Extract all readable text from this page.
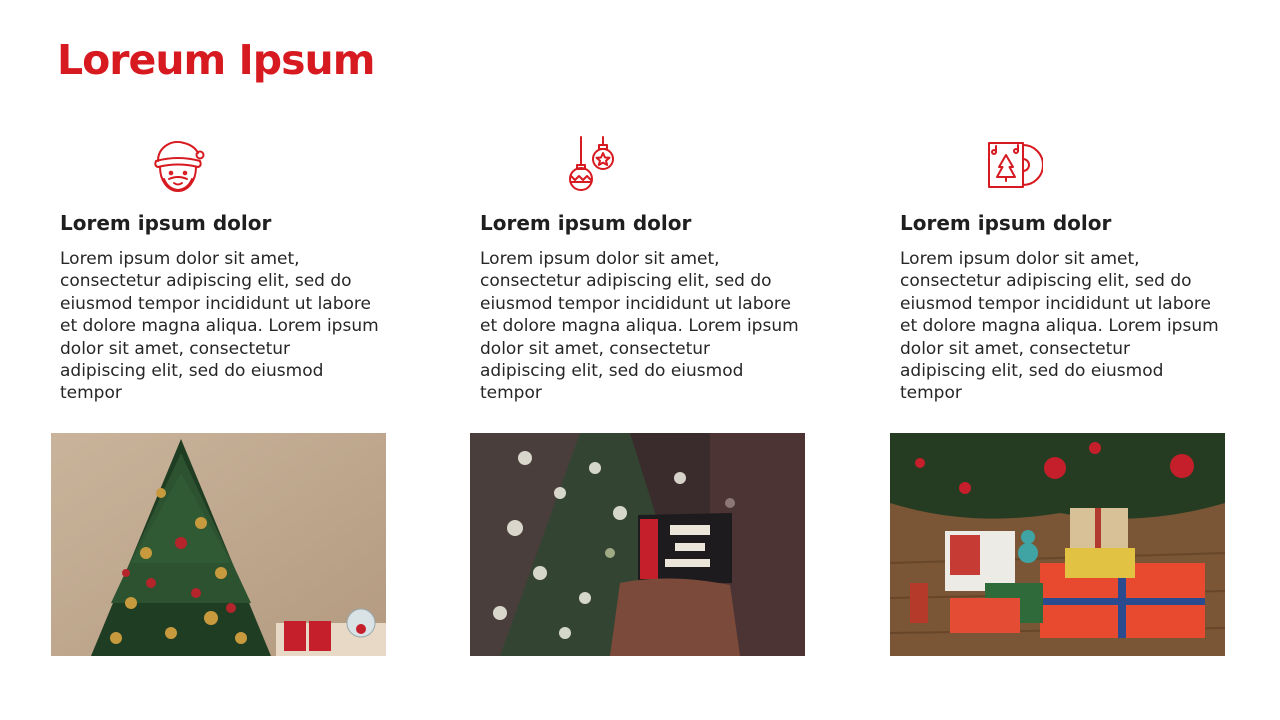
Loreum Ipsum
Lorem ipsum dolor

Lorem ipsum dolor sit amet, consectetur adipiscing elit, sed do eiusmod tempor incididunt ut labore et dolore magna aliqua. Lorem ipsum dolor sit amet, consectetur adipiscing elit, sed do eiusmod tempor

Lorem ipsum dolor

Lorem ipsum dolor sit amet, consectetur adipiscing elit, sed do eiusmod tempor incididunt ut labore et dolore magna aliqua. Lorem ipsum dolor sit amet, consectetur adipiscing elit, sed do eiusmod tempor

Lorem ipsum dolor

Lorem ipsum dolor sit amet, consectetur adipiscing elit, sed do eiusmod tempor incididunt ut labore et dolore magna aliqua. Lorem ipsum dolor sit amet, consectetur adipiscing elit, sed do eiusmod tempor
